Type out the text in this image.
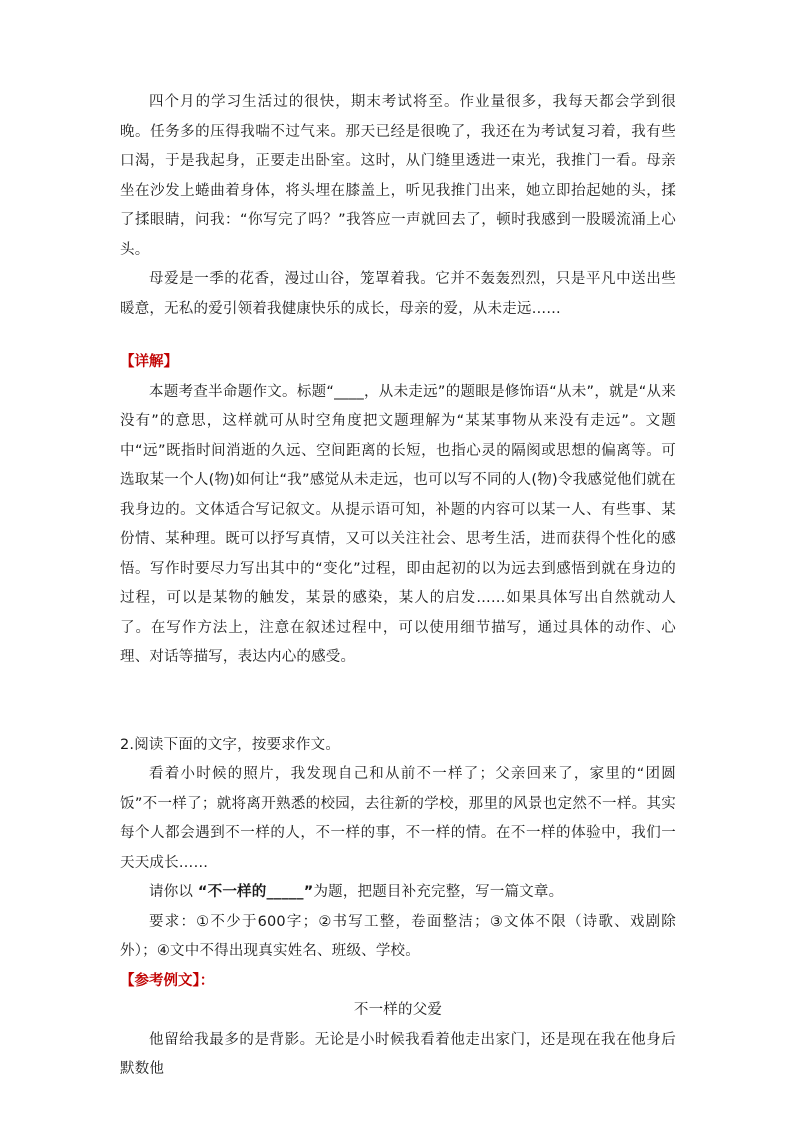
四个月的学习生活过的很快，期末考试将至。作业量很多，我每天都会学到很晚。任务多的压得我喘不过气来。那天已经是很晚了，我还在为考试复习着，我有些口渴，于是我起身，正要走出卧室。这时，从门缝里透进一束光，我推门一看。母亲坐在沙发上蜷曲着身体，将头埋在膝盖上，听见我推门出来，她立即抬起她的头，揉了揉眼睛，问我：“你写完了吗？”我答应一声就回去了，顿时我感到一股暖流涌上心头。

母爱是一季的花香，漫过山谷，笼罩着我。它并不轰轰烈烈，只是平凡中送出些暖意，无私的爱引领着我健康快乐的成长，母亲的爱，从未走远……

【详解】

本题考查半命题作文。标题“____，从未走远”的题眼是修饰语“从未”，就是“从来没有”的意思，这样就可从时空角度把文题理解为“某某事物从来没有走远”。文题中“远”既指时间消逝的久远、空间距离的长短，也指心灵的隔阂或思想的偏离等。可选取某一个人(物)如何让“我”感觉从未走远，也可以写不同的人(物)令我感觉他们就在我身边的。文体适合写记叙文。从提示语可知，补题的内容可以某一人、有些事、某份情、某种理。既可以抒写真情，又可以关注社会、思考生活，进而获得个性化的感悟。写作时要尽力写出其中的“变化”过程，即由起初的以为远去到感悟到就在身边的过程，可以是某物的触发，某景的感染，某人的启发……如果具体写出自然就动人了。在写作方法上，注意在叙述过程中，可以使用细节描写，通过具体的动作、心理、对话等描写，表达内心的感受。

2.阅读下面的文字，按要求作文。

看着小时候的照片，我发现自己和从前不一样了；父亲回来了，家里的“团圆饭”不一样了；就将离开熟悉的校园，去往新的学校，那里的风景也定然不一样。其实每个人都会遇到不一样的人，不一样的事，不一样的情。在不一样的体验中，我们一天天成长……

请你以 “不一样的_____”为题，把题目补充完整，写一篇文章。

要求：①不少于600字；②书写工整，卷面整洁；③文体不限（诗歌、戏剧除外）；④文中不得出现真实姓名、班级、学校。

【参考例文】：

不一样的父爱

他留给我最多的是背影。无论是小时候我看着他走出家门，还是现在我在他身后默数他
